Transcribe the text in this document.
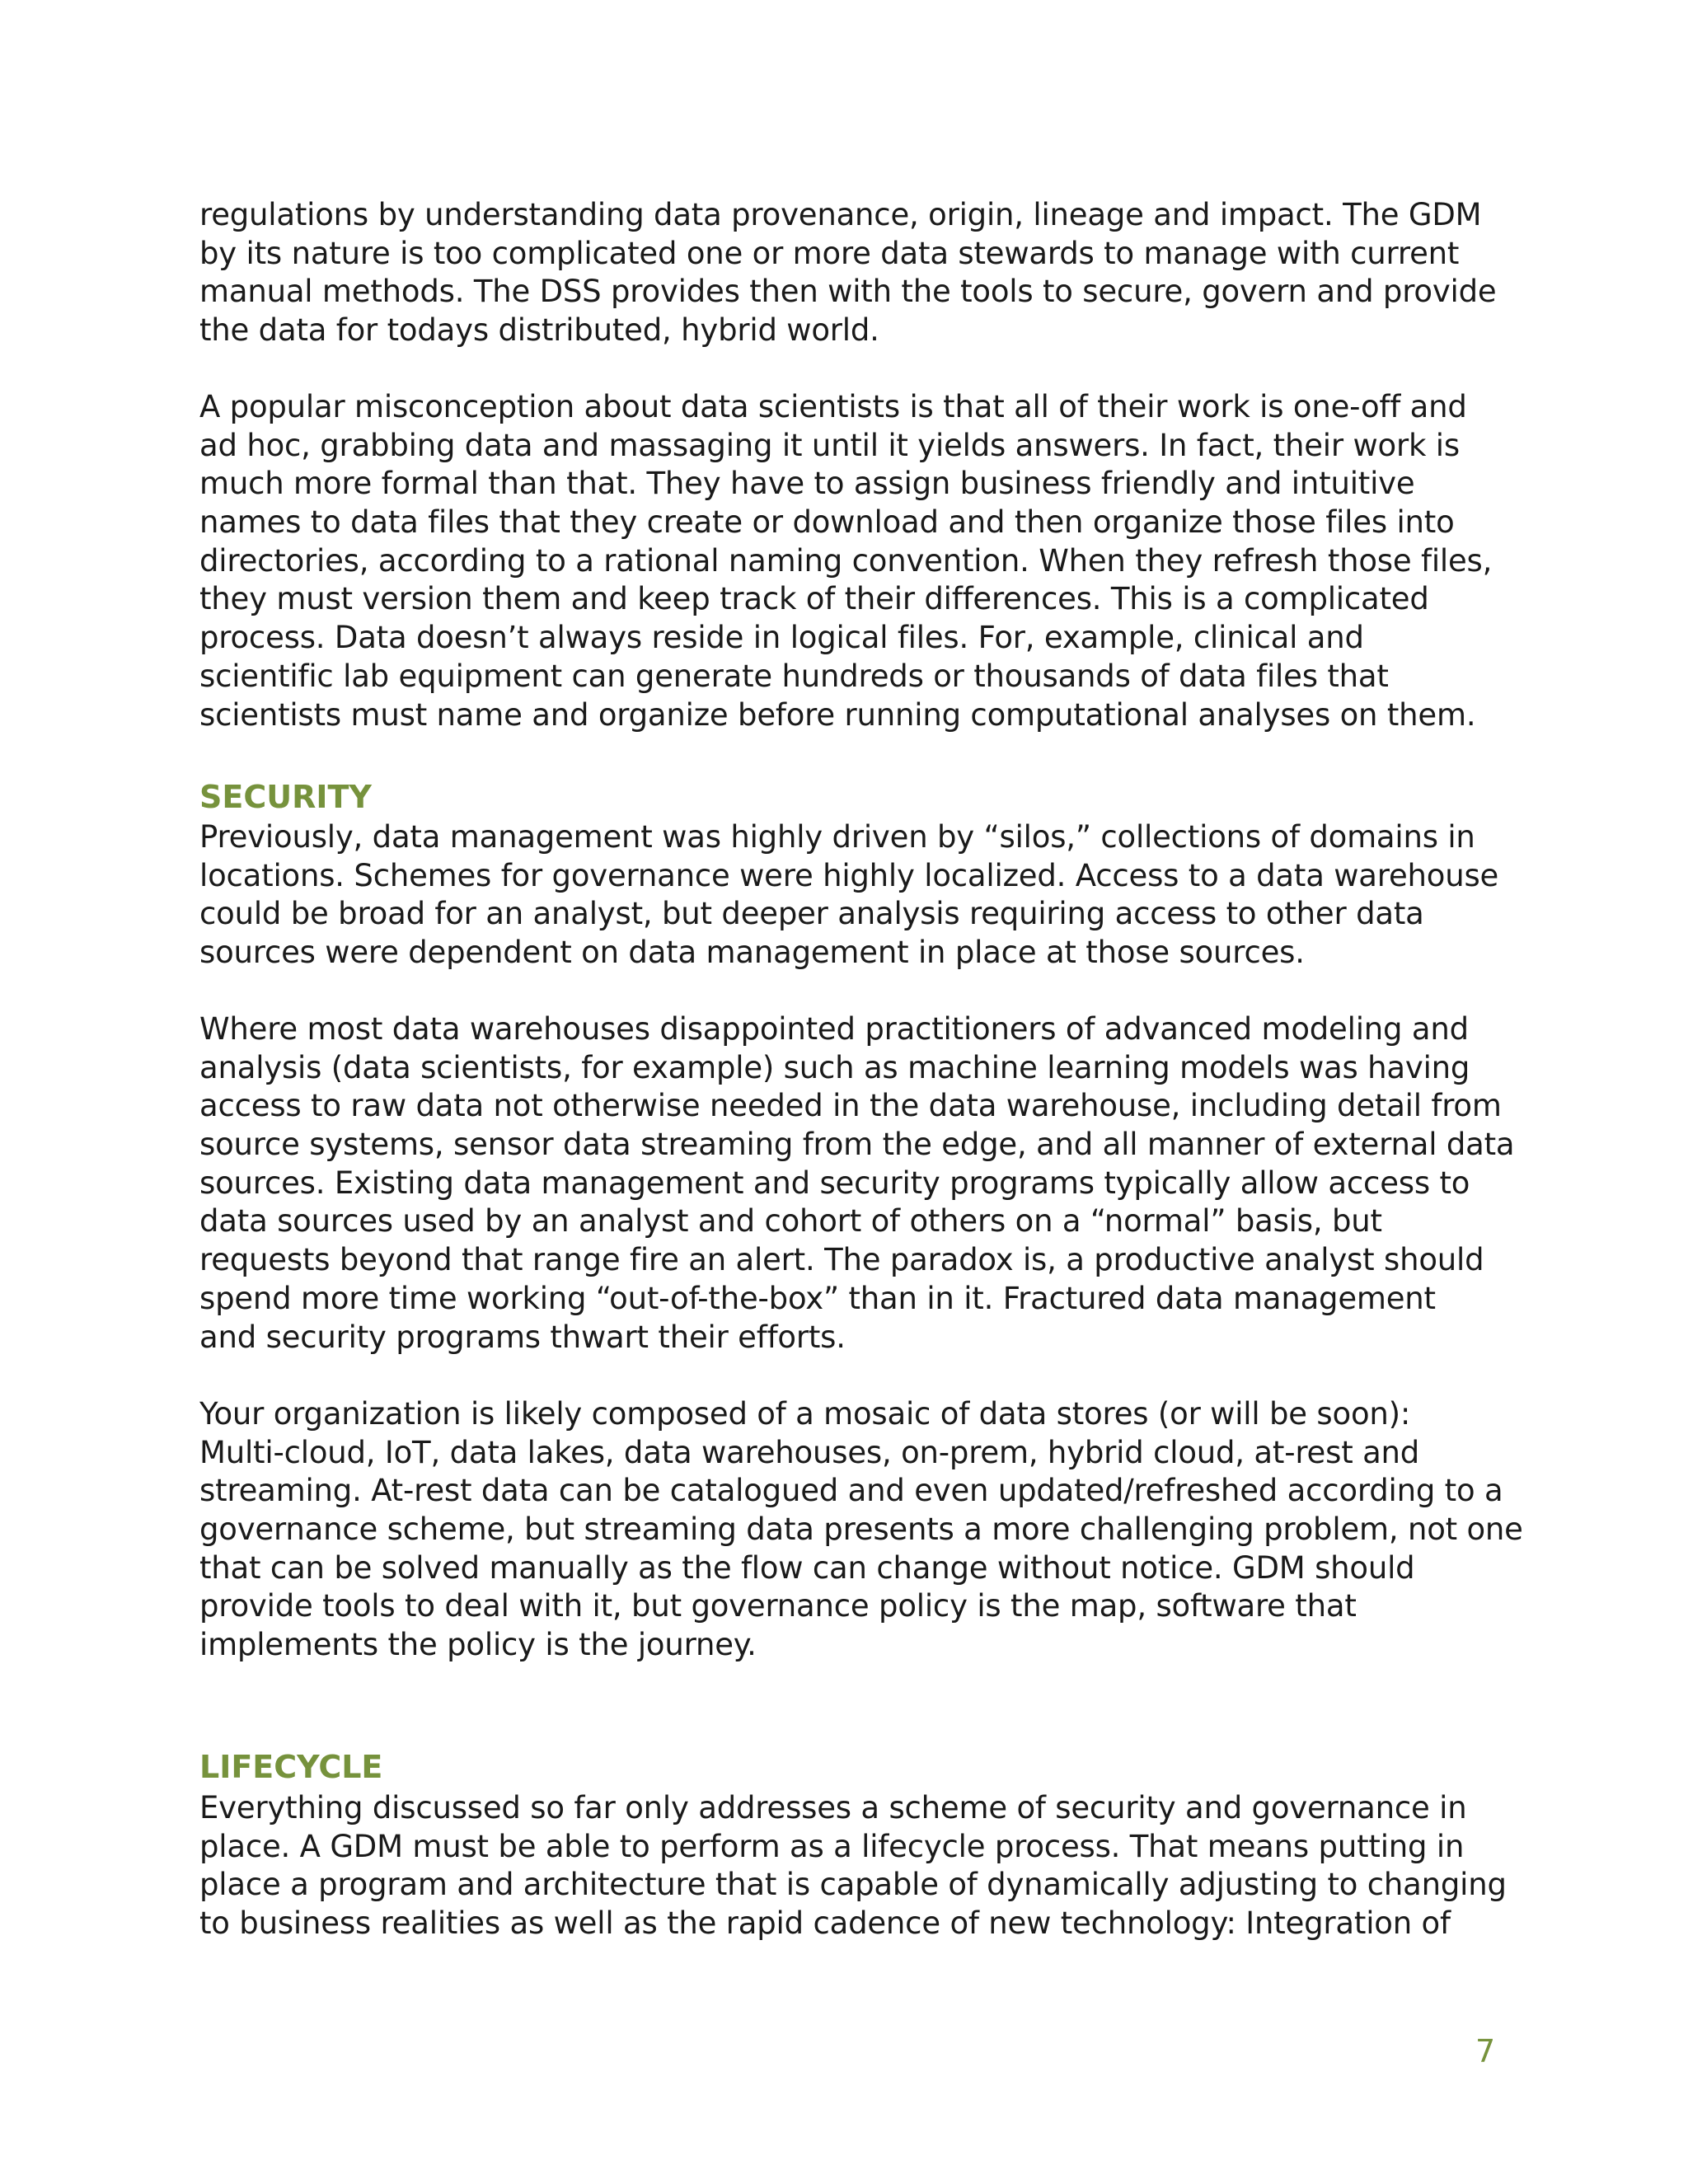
regulations by understanding data provenance, origin, lineage and impact. The GDM
by its nature is too complicated one or more data stewards to manage with current
manual methods. The DSS provides then with the tools to secure, govern and provide
the data for todays distributed, hybrid world.
A popular misconception about data scientists is that all of their work is one-off and
ad hoc, grabbing data and massaging it until it yields answers. In fact, their work is
much more formal than that. They have to assign business friendly and intuitive
names to data files that they create or download and then organize those files into
directories, according to a rational naming convention. When they refresh those files,
they must version them and keep track of their differences. This is a complicated
process. Data doesn’t always reside in logical files. For, example, clinical and
scientific lab equipment can generate hundreds or thousands of data files that
scientists must name and organize before running computational analyses on them.
SECURITY
Previously, data management was highly driven by “silos,” collections of domains in
locations. Schemes for governance were highly localized. Access to a data warehouse
could be broad for an analyst, but deeper analysis requiring access to other data
sources were dependent on data management in place at those sources.
Where most data warehouses disappointed practitioners of advanced modeling and
analysis (data scientists, for example) such as machine learning models was having
access to raw data not otherwise needed in the data warehouse, including detail from
source systems, sensor data streaming from the edge, and all manner of external data
sources. Existing data management and security programs typically allow access to
data sources used by an analyst and cohort of others on a “normal” basis, but
requests beyond that range fire an alert. The paradox is, a productive analyst should
spend more time working “out-of-the-box” than in it. Fractured data management
and security programs thwart their efforts.
Your organization is likely composed of a mosaic of data stores (or will be soon):
Multi-cloud, IoT, data lakes, data warehouses, on-prem, hybrid cloud, at-rest and
streaming. At-rest data can be catalogued and even updated/refreshed according to a
governance scheme, but streaming data presents a more challenging problem, not one
that can be solved manually as the flow can change without notice. GDM should
provide tools to deal with it, but governance policy is the map, software that
implements the policy is the journey.
LIFECYCLE
Everything discussed so far only addresses a scheme of security and governance in
place. A GDM must be able to perform as a lifecycle process. That means putting in
place a program and architecture that is capable of dynamically adjusting to changing
to business realities as well as the rapid cadence of new technology: Integration of
7
